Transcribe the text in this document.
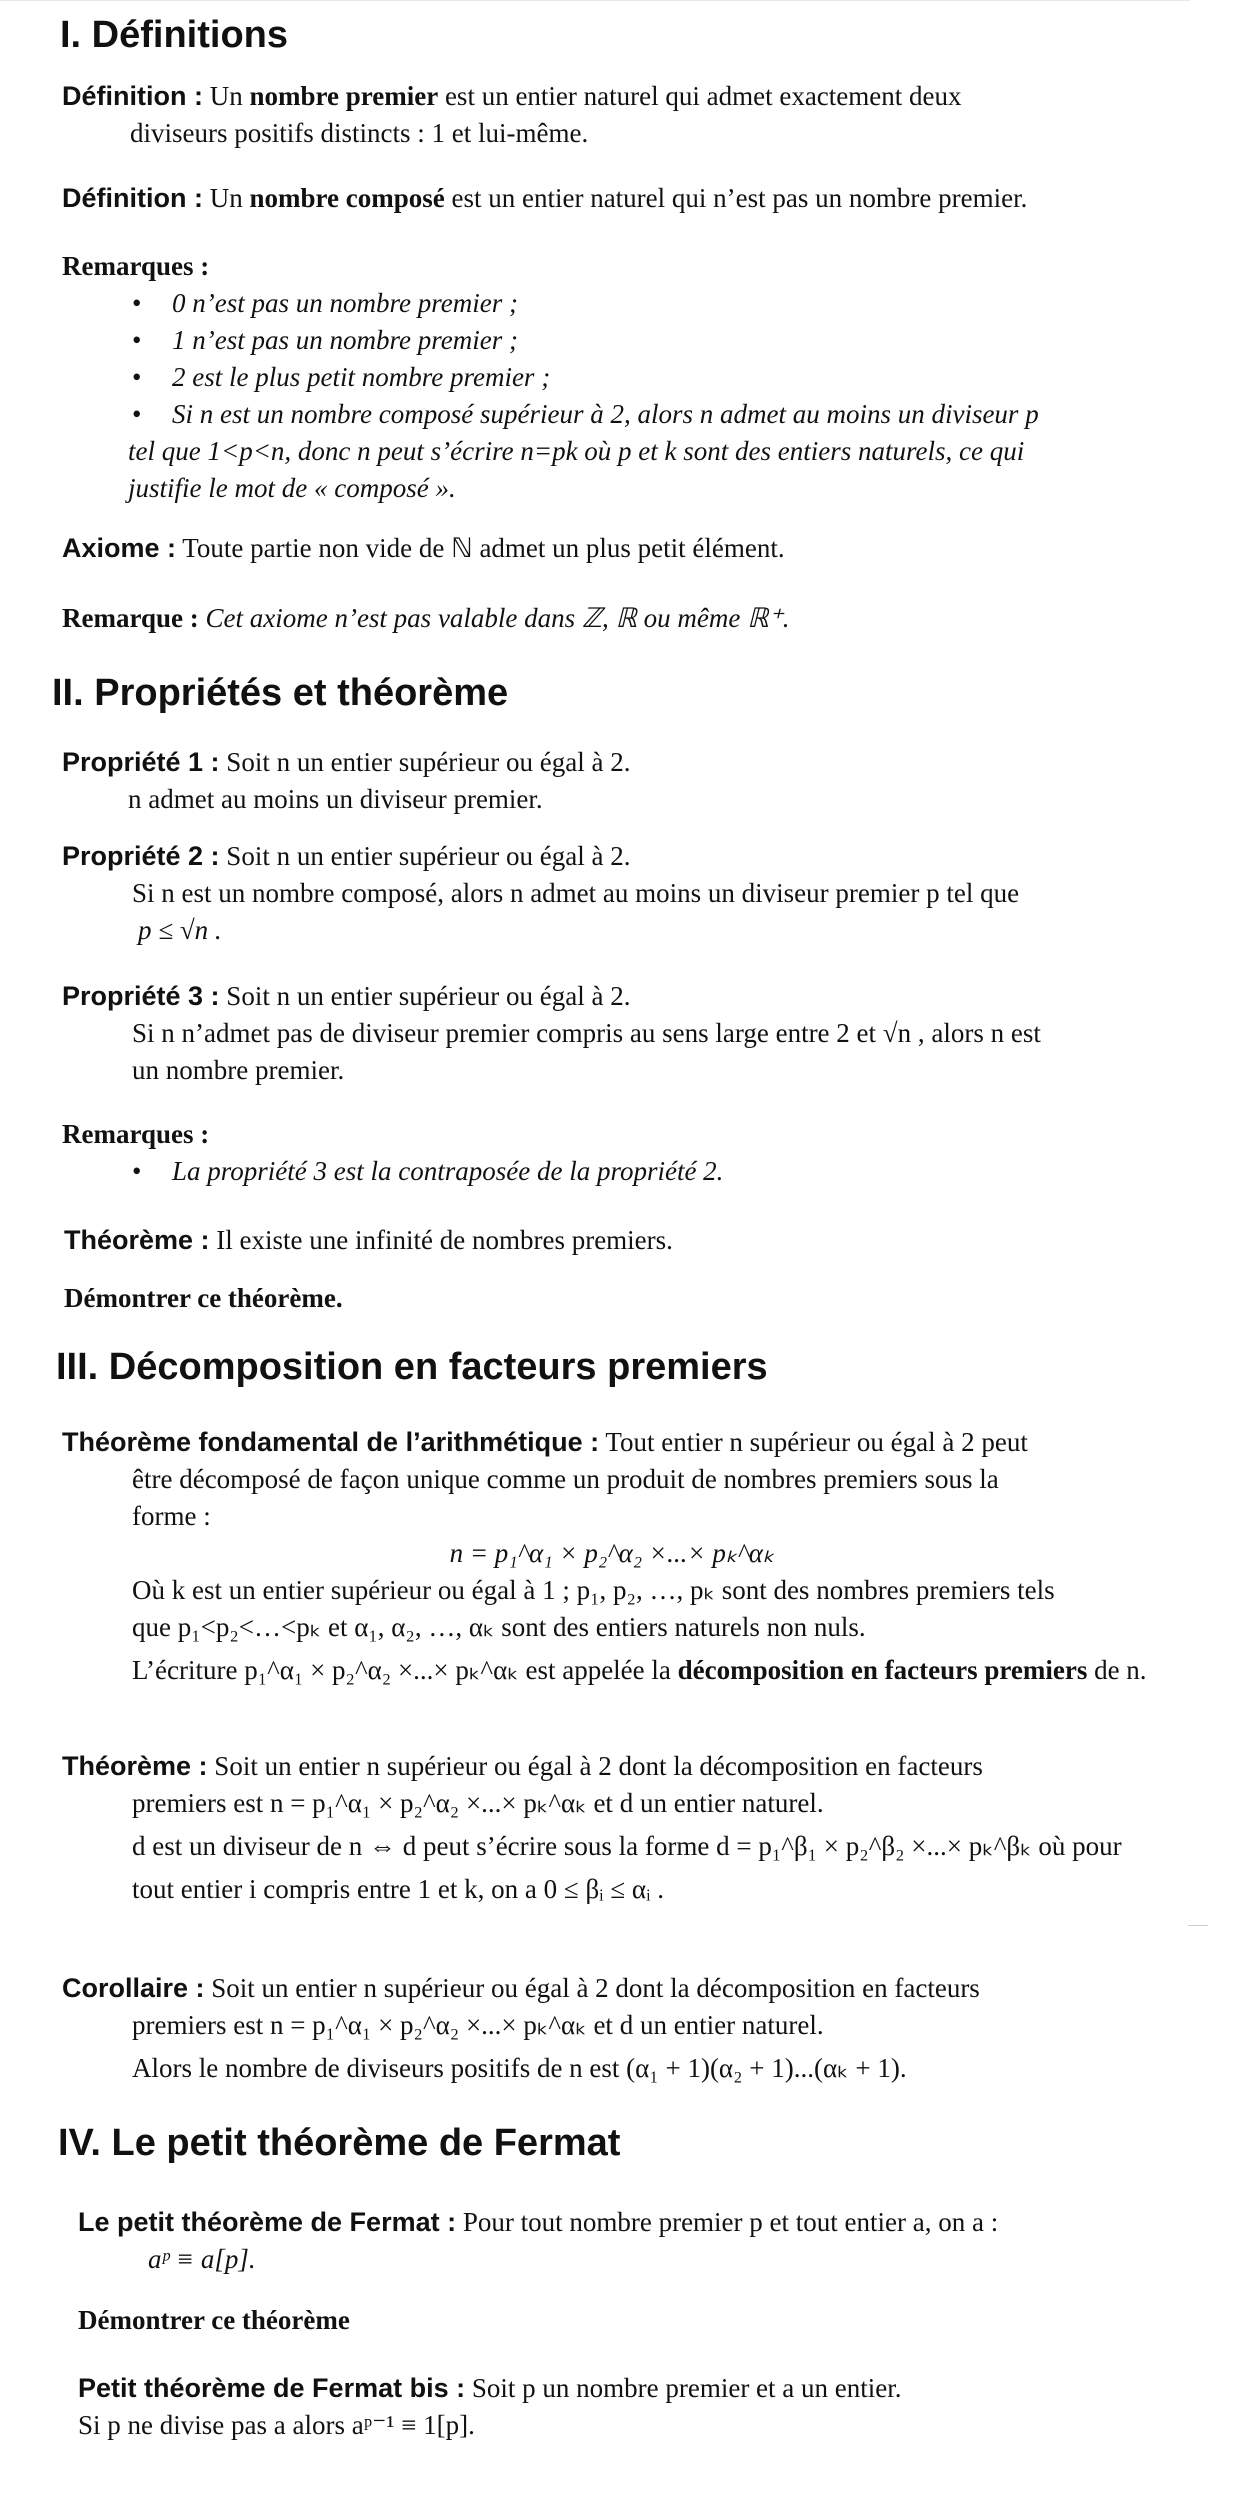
I. Définitions
Définition : Un nombre premier est un entier naturel qui admet exactement deux
diviseurs positifs distincts : 1 et lui-même.
Définition : Un nombre composé est un entier naturel qui n’est pas un nombre premier.
Remarques :
• 0 n’est pas un nombre premier ;
• 1 n’est pas un nombre premier ;
• 2 est le plus petit nombre premier ;
• Si n est un nombre composé supérieur à 2, alors n admet au moins un diviseur p
tel que 1<p<n, donc n peut s’écrire n=pk où p et k sont des entiers naturels, ce qui
justifie le mot de « composé ».
Axiome : Toute partie non vide de ℕ admet un plus petit élément.
Remarque : Cet axiome n’est pas valable dans ℤ, ℝ ou même ℝ⁺.
II. Propriétés et théorème
Propriété 1 : Soit n un entier supérieur ou égal à 2.
n admet au moins un diviseur premier.
Propriété 2 : Soit n un entier supérieur ou égal à 2.
Si n est un nombre composé, alors n admet au moins un diviseur premier p tel que
p ≤ √n .
Propriété 3 : Soit n un entier supérieur ou égal à 2.
Si n n’admet pas de diviseur premier compris au sens large entre 2 et √n , alors n est
un nombre premier.
Remarques :
• La propriété 3 est la contraposée de la propriété 2.
Théorème : Il existe une infinité de nombres premiers.
Démontrer ce théorème.
III. Décomposition en facteurs premiers
Théorème fondamental de l’arithmétique : Tout entier n supérieur ou égal à 2 peut
être décomposé de façon unique comme un produit de nombres premiers sous la
forme :
n = p₁^α₁ × p₂^α₂ ×...× pₖ^αₖ
Où k est un entier supérieur ou égal à 1 ; p₁, p₂, …, pₖ sont des nombres premiers tels
que p₁<p₂<…<pₖ et α₁, α₂, …, αₖ sont des entiers naturels non nuls.
L’écriture p₁^α₁ × p₂^α₂ ×...× pₖ^αₖ est appelée la décomposition en facteurs premiers de n.
Théorème : Soit un entier n supérieur ou égal à 2 dont la décomposition en facteurs
premiers est n = p₁^α₁ × p₂^α₂ ×...× pₖ^αₖ et d un entier naturel.
d est un diviseur de n ⇔ d peut s’écrire sous la forme d = p₁^β₁ × p₂^β₂ ×...× pₖ^βₖ où pour
tout entier i compris entre 1 et k, on a 0 ≤ βᵢ ≤ αᵢ .
Corollaire : Soit un entier n supérieur ou égal à 2 dont la décomposition en facteurs
premiers est n = p₁^α₁ × p₂^α₂ ×...× pₖ^αₖ et d un entier naturel.
Alors le nombre de diviseurs positifs de n est (α₁ + 1)(α₂ + 1)...(αₖ + 1).
IV. Le petit théorème de Fermat
Le petit théorème de Fermat : Pour tout nombre premier p et tout entier a, on a :
aᵖ ≡ a[p].
Démontrer ce théorème
Petit théorème de Fermat bis : Soit p un nombre premier et a un entier.
Si p ne divise pas a alors aᵖ⁻¹ ≡ 1[p].
